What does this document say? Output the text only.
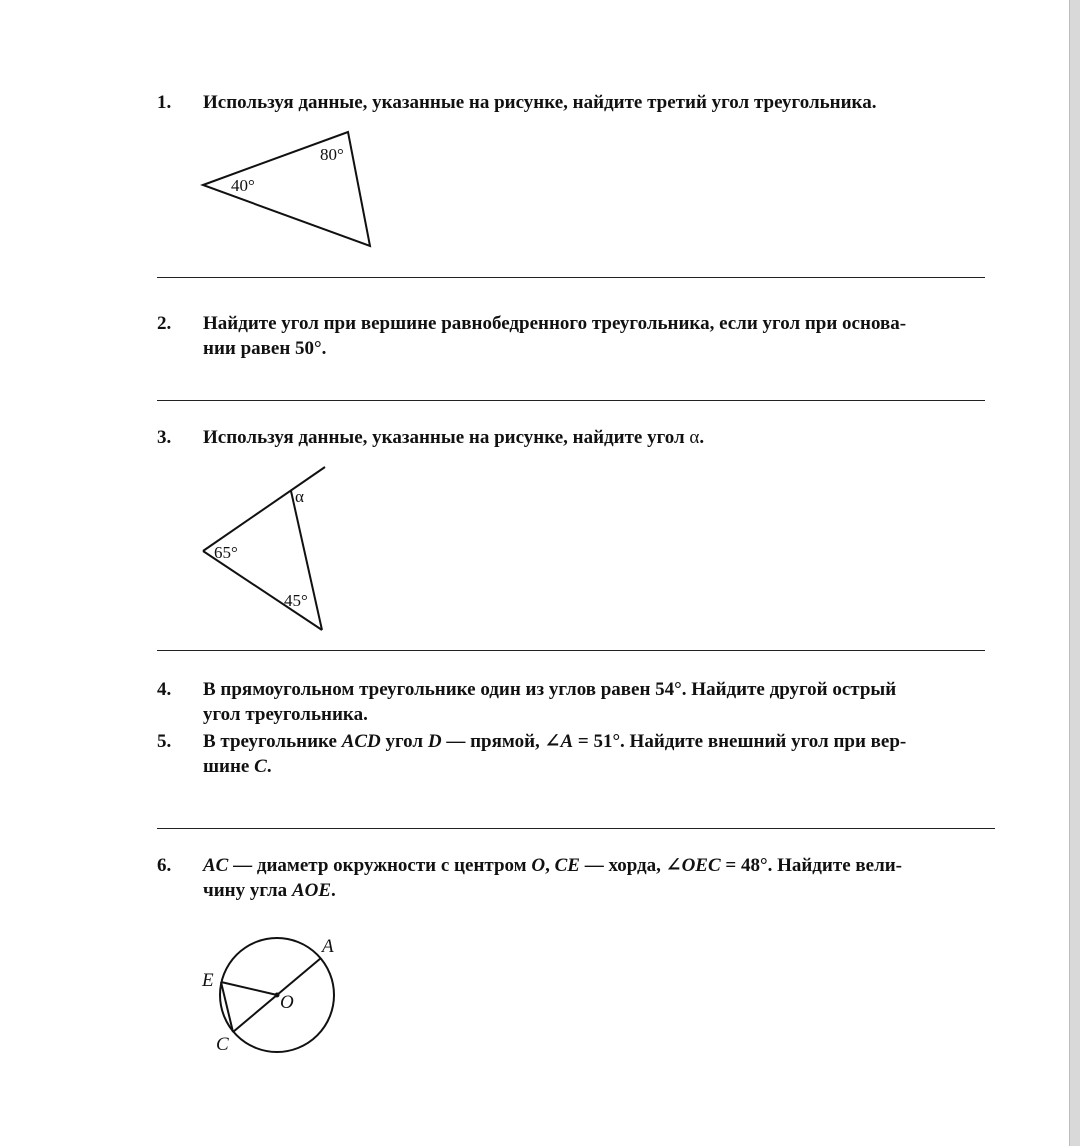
1. Используя данные, указанные на рисунке, найдите третий угол треугольника.
40°
80°
2. Найдите угол при вершине равнобедренного треугольника, если угол при основа-
нии равен 50°.
3. Используя данные, указанные на рисунке, найдите угол α.
α
65°
45°
4. В прямоугольном треугольнике один из углов равен 54°. Найдите другой острый
угол треугольника.
5. В треугольнике ACD угол D — прямой, ∠A = 51°. Найдите внешний угол при вер-
шине C.
6. AC — диаметр окружности с центром O, CE — хорда, ∠OEC = 48°. Найдите вели-
чину угла AOE.
A
E
O
C
